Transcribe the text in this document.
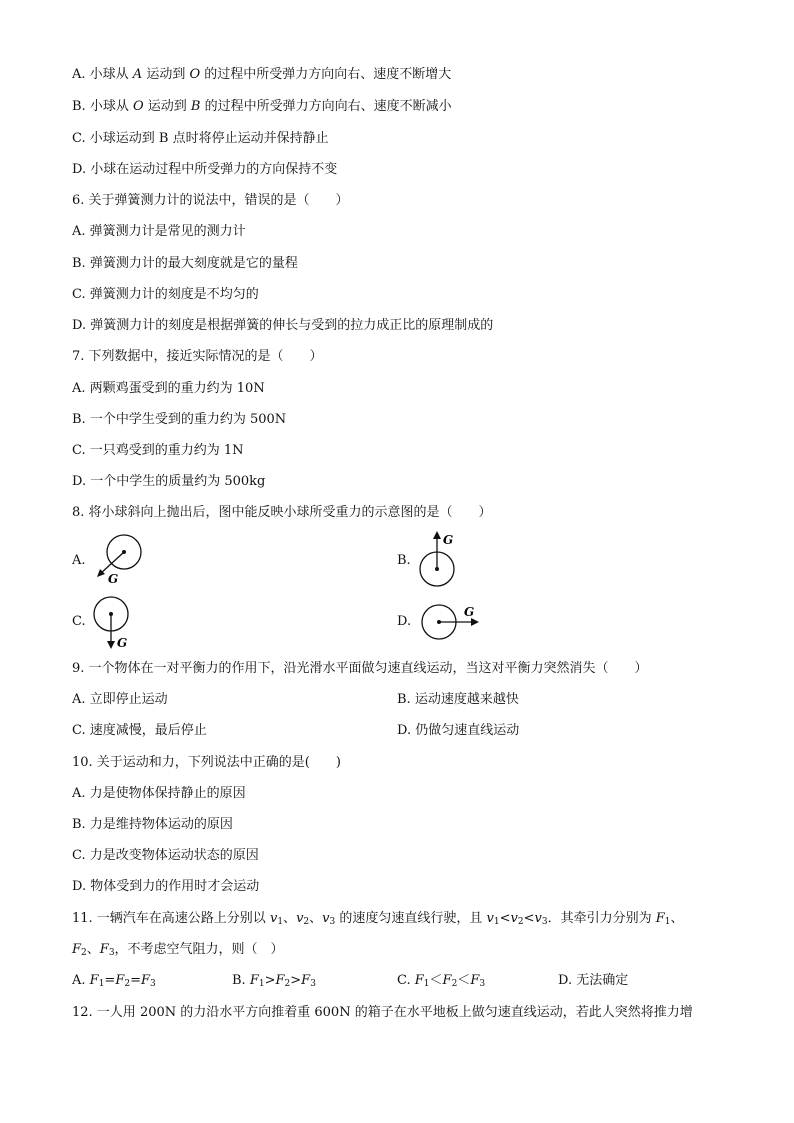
A. 小球从 A 运动到 O 的过程中所受弹力方向向右、速度不断增大
B. 小球从 O 运动到 B 的过程中所受弹力方向向右、速度不断减小
C. 小球运动到 B 点时将停止运动并保持静止
D. 小球在运动过程中所受弹力的方向保持不变
6. 关于弹簧测力计的说法中，错误的是（　　）
A. 弹簧测力计是常见的测力计
B. 弹簧测力计的最大刻度就是它的量程
C. 弹簧测力计的刻度是不均匀的
D. 弹簧测力计的刻度是根据弹簧的伸长与受到的拉力成正比的原理制成的
7. 下列数据中，接近实际情况的是（　　）
A. 两颗鸡蛋受到的重力约为 10N
B. 一个中学生受到的重力约为 500N
C. 一只鸡受到的重力约为 1N
D. 一个中学生的质量约为 500kg
8. 将小球斜向上抛出后，图中能反映小球所受重力的示意图的是（　　）
A.
G
B.
G
C.
G
D.
G
9. 一个物体在一对平衡力的作用下，沿光滑水平面做匀速直线运动，当这对平衡力突然消失（　　）
A. 立即停止运动	B. 运动速度越来越快
C. 速度减慢，最后停止	D. 仍做匀速直线运动
10. 关于运动和力，下列说法中正确的是(　　)
A. 力是使物体保持静止的原因
B. 力是维持物体运动的原因
C. 力是改变物体运动状态的原因
D. 物体受到力的作用时才会运动
11. 一辆汽车在高速公路上分别以 $v_1$、$v_2$、$v_3$ 的速度匀速直线行驶，且 $v_1<v_2<v_3$．其牵引力分别为 $F_1$、
$F_2$、$F_3$，不考虑空气阻力，则（　）
A. $F_1=F_2=F_3$	B. $F_1>F_2>F_3$	C. $F_1<F_2<F_3$	D. 无法确定
12. 一人用 200N 的力沿水平方向推着重 600N 的箱子在水平地板上做匀速直线运动，若此人突然将推力增
